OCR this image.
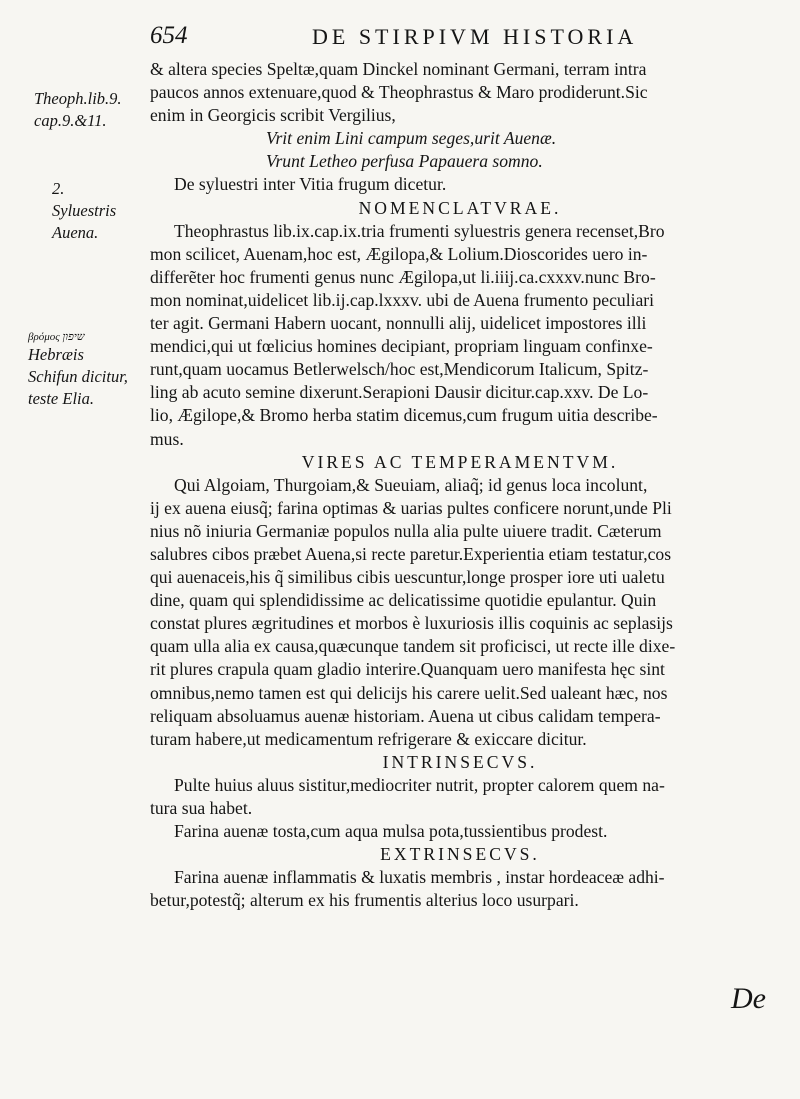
654	DE STIRPIVM HISTORIA
Theoph.lib.9.
cap.9.&11.
2.
Syluestris
Auena.
βρόμος שיפון
Hebræis
Schifun dicitur,
teste Elia.
& altera species Speltæ,quam Dinckel nominant Germani, terram intra
paucos annos extenuare,quod & Theophrastus & Maro prodiderunt.Sic
enim in Georgicis scribit Vergilius,
Vrit enim Lini campum seges,urit Auenæ.
Vrunt Letheo perfusa Papauera somno.
De syluestri inter Vitia frugum dicetur.
NOMENCLATVRAE.
Theophrastus lib.ix.cap.ix.tria frumenti syluestris genera recenset,Bro
mon scilicet, Auenam,hoc est, Ægilopa,& Lolium.Dioscorides uero in-
differẽter hoc frumenti genus nunc Ægilopa,ut li.iiij.ca.cxxxv.nunc Bro-
mon nominat,uidelicet lib.ij.cap.lxxxv. ubi de Auena frumento peculiari
ter agit. Germani Habern uocant, nonnulli alij, uidelicet impostores illi
mendici,qui ut fœlicius homines decipiant, propriam linguam confinxe-
runt,quam uocamus Betlerwelsch/hoc est,Mendicorum Italicum, Spitz-
ling ab acuto semine dixerunt.Serapioni Dausir dicitur.cap.xxv. De Lo-
lio, Ægilope,& Bromo herba statim dicemus,cum frugum uitia describe-
mus.
VIRES AC TEMPERAMENTVM.
Qui Algoiam, Thurgoiam,& Sueuiam, aliaq̃; id genus loca incolunt,
ij ex auena eiusq̃; farina optimas & uarias pultes conficere norunt,unde Pli
nius nõ iniuria Germaniæ populos nulla alia pulte uiuere tradit. Cæterum
salubres cibos præbet Auena,si recte paretur.Experientia etiam testatur,cos
qui auenaceis,his q̃ similibus cibis uescuntur,longe prosper iore uti ualetu
dine, quam qui splendidissime ac delicatissime quotidie epulantur. Quin
constat plures ægritudines et morbos è luxuriosis illis coquinis ac seplasijs
quam ulla alia ex causa,quæcunque tandem sit proficisci, ut recte ille dixe-
rit plures crapula quam gladio interire.Quanquam uero manifesta hęc sint
omnibus,nemo tamen est qui delicijs his carere uelit.Sed ualeant hæc, nos
reliquam absoluamus auenæ historiam. Auena ut cibus calidam tempera-
turam habere,ut medicamentum refrigerare & exiccare dicitur.
INTRINSECVS.
Pulte huius aluus sistitur,mediocriter nutrit, propter calorem quem na-
tura sua habet.
Farina auenæ tosta,cum aqua mulsa pota,tussientibus prodest.
EXTRINSECVS.
Farina auenæ inflammatis & luxatis membris , instar hordeaceæ adhi-
betur,potestq̃; alterum ex his frumentis alterius loco usurpari.
De
